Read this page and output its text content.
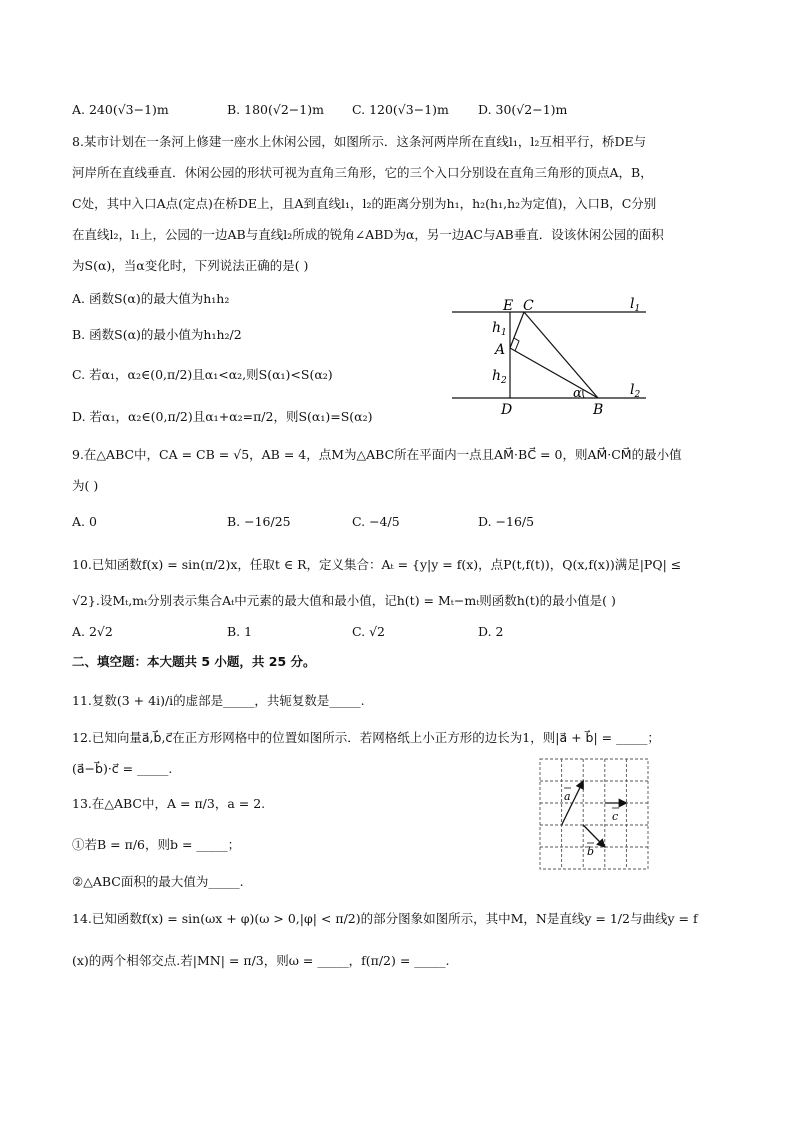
A. 240(√3−1)m	B. 180(√2−1)m C. 120(√3−1)m D. 30(√2−1)m
8.某市计划在一条河上修建一座水上休闲公园，如图所示．这条河两岸所在直线l₁，l₂互相平行，桥DE与
河岸所在直线垂直．休闲公园的形状可视为直角三角形，它的三个入口分别设在直角三角形的顶点A，B，
C处，其中入口A点(定点)在桥DE上，且A到直线l₁，l₂的距离分别为h₁，h₂(h₁,h₂为定值)，入口B，C分别
在直线l₂，l₁上，公园的一边AB与直线l₂所成的锐角∠ABD为α，另一边AC与AB垂直．设该休闲公园的面积
为S(α)，当α变化时，下列说法正确的是( )
A. 函数S(α)的最大值为h₁h₂
B. 函数S(α)的最小值为h₁h₂/2
C. 若α₁，α₂∈(0,π/2)且α₁<α₂,则S(α₁)<S(α₂)
D. 若α₁，α₂∈(0,π/2)且α₁+α₂=π/2，则S(α₁)=S(α₂)
E C	$l_1$
$h_1$
A
$h_2$
α	$l_2$
D	B
9.在△ABC中，CA = CB = √5，AB = 4，点M为△ABC所在平面内一点且AM⃗·BC⃗ = 0，则AM⃗·CM⃗的最小值
为( )
A. 0	B. −16/25	C. −4/5	D. −16/5
10.已知函数f(x) = sin(π/2)x，任取t ∈ R，定义集合：Aₜ = {y|y = f(x)，点P(t,f(t))，Q(x,f(x))满足|PQ| ≤
√2}.设Mₜ,mₜ分别表示集合Aₜ中元素的最大值和最小值，记h(t) = Mₜ−mₜ则函数h(t)的最小值是( )
A. 2√2	B. 1	C. √2	D. 2
二、填空题：本大题共 5 小题，共 25 分。
11.复数(3 + 4i)/i的虚部是_____，共轭复数是_____.
12.已知向量a⃗,b⃗,c⃗在正方形网格中的位置如图所示．若网格纸上小正方形的边长为1，则|a⃗ + b⃗| = _____；
(a⃗−b⃗)·c⃗ = _____.
a
c
b
13.在△ABC中，A = π/3，a = 2.
①若B = π/6，则b = _____；
②△ABC面积的最大值为_____.
14.已知函数f(x) = sin(ωx + φ)(ω > 0,|φ| < π/2)的部分图象如图所示，其中M，N是直线y = 1/2与曲线y = f
(x)的两个相邻交点.若|MN| = π/3，则ω = _____，f(π/2) = _____.
